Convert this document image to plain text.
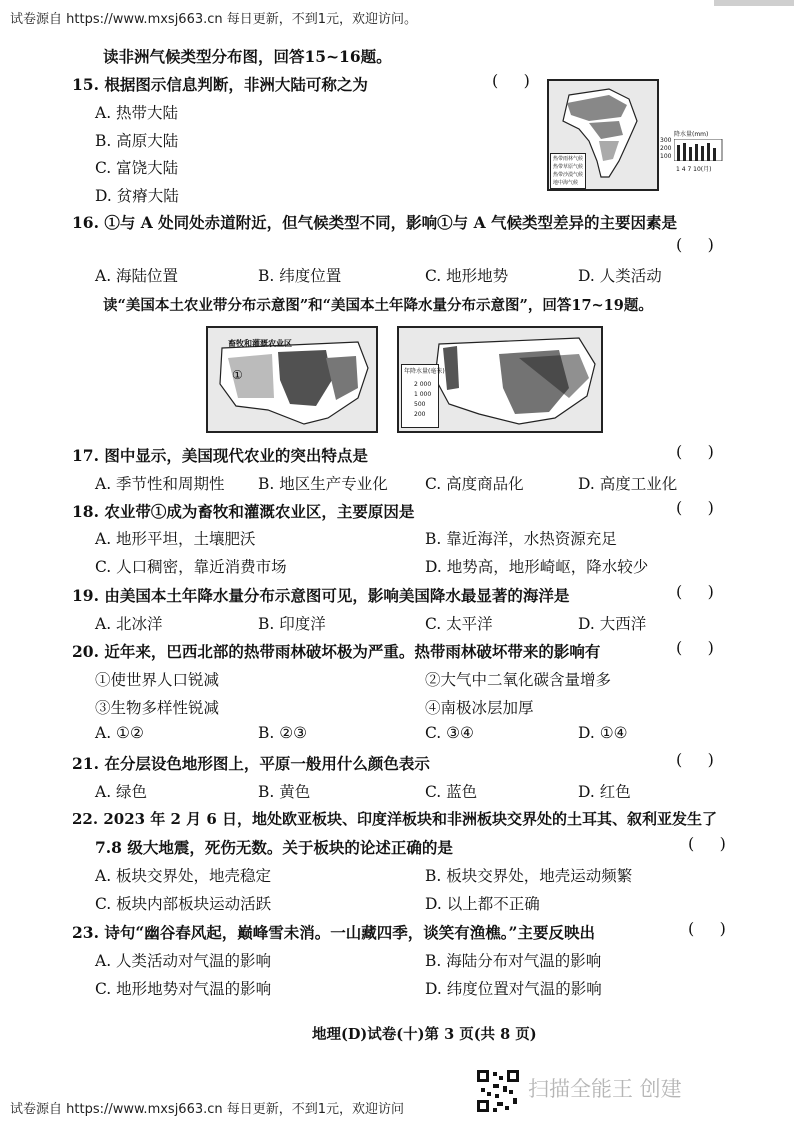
试卷源自 https://www.mxsj663.cn 每日更新，不到1元，欢迎访问。
读非洲气候类型分布图，回答15~16题。
15. 根据图示信息判断，非洲大陆可称之为	(     )
A. 热带大陆
B. 高原大陆
C. 富饶大陆
D. 贫瘠大陆
热带雨林气候
热带草原气候
热带沙漠气候
地中海气候
降水量(mm)
300
200
100
1 4 7 10(月)
16. ①与 A 处同处赤道附近，但气候类型不同，影响①与 A 气候类型差异的主要因素是
(     )
A. 海陆位置	B. 纬度位置	C. 地形地势	D. 人类活动
读“美国本土农业带分布示意图”和“美国本土年降水量分布示意图”，回答17~19题。
畜牧和灌溉农业区
①	年降水量(毫米)
2 000
1 000
500
200
17. 图中显示，美国现代农业的突出特点是	(     )
A. 季节性和周期性 B. 地区生产专业化 C. 高度商品化	D. 高度工业化
18. 农业带①成为畜牧和灌溉农业区，主要原因是	(     )
A. 地形平坦，土壤肥沃	B. 靠近海洋，水热资源充足
C. 人口稠密，靠近消费市场	D. 地势高，地形崎岖，降水较少
19. 由美国本土年降水量分布示意图可见，影响美国降水最显著的海洋是	(     )
A. 北冰洋	B. 印度洋	C. 太平洋	D. 大西洋
20. 近年来，巴西北部的热带雨林破坏极为严重。热带雨林破坏带来的影响有	(     )
①使世界人口锐减	②大气中二氧化碳含量增多
③生物多样性锐减	④南极冰层加厚
A. ①②	B. ②③	C. ③④	D. ①④
21. 在分层设色地形图上，平原一般用什么颜色表示	(     )
A. 绿色	B. 黄色	C. 蓝色	D. 红色
22. 2023 年 2 月 6 日，地处欧亚板块、印度洋板块和非洲板块交界处的土耳其、叙利亚发生了
7.8 级大地震，死伤无数。关于板块的论述正确的是	(     )
A. 板块交界处，地壳稳定	B. 板块交界处，地壳运动频繁
C. 板块内部板块运动活跃	D. 以上都不正确
23. 诗句“幽谷春风起，巅峰雪未消。一山藏四季，谈笑有渔樵。”主要反映出	(     )
A. 人类活动对气温的影响	B. 海陆分布对气温的影响
C. 地形地势对气温的影响	D. 纬度位置对气温的影响
地理(D)试卷(十)第 3 页(共 8 页)
试卷源自 https://www.mxsj663.cn 每日更新，不到1元，欢迎访问
扫描全能王 创建
